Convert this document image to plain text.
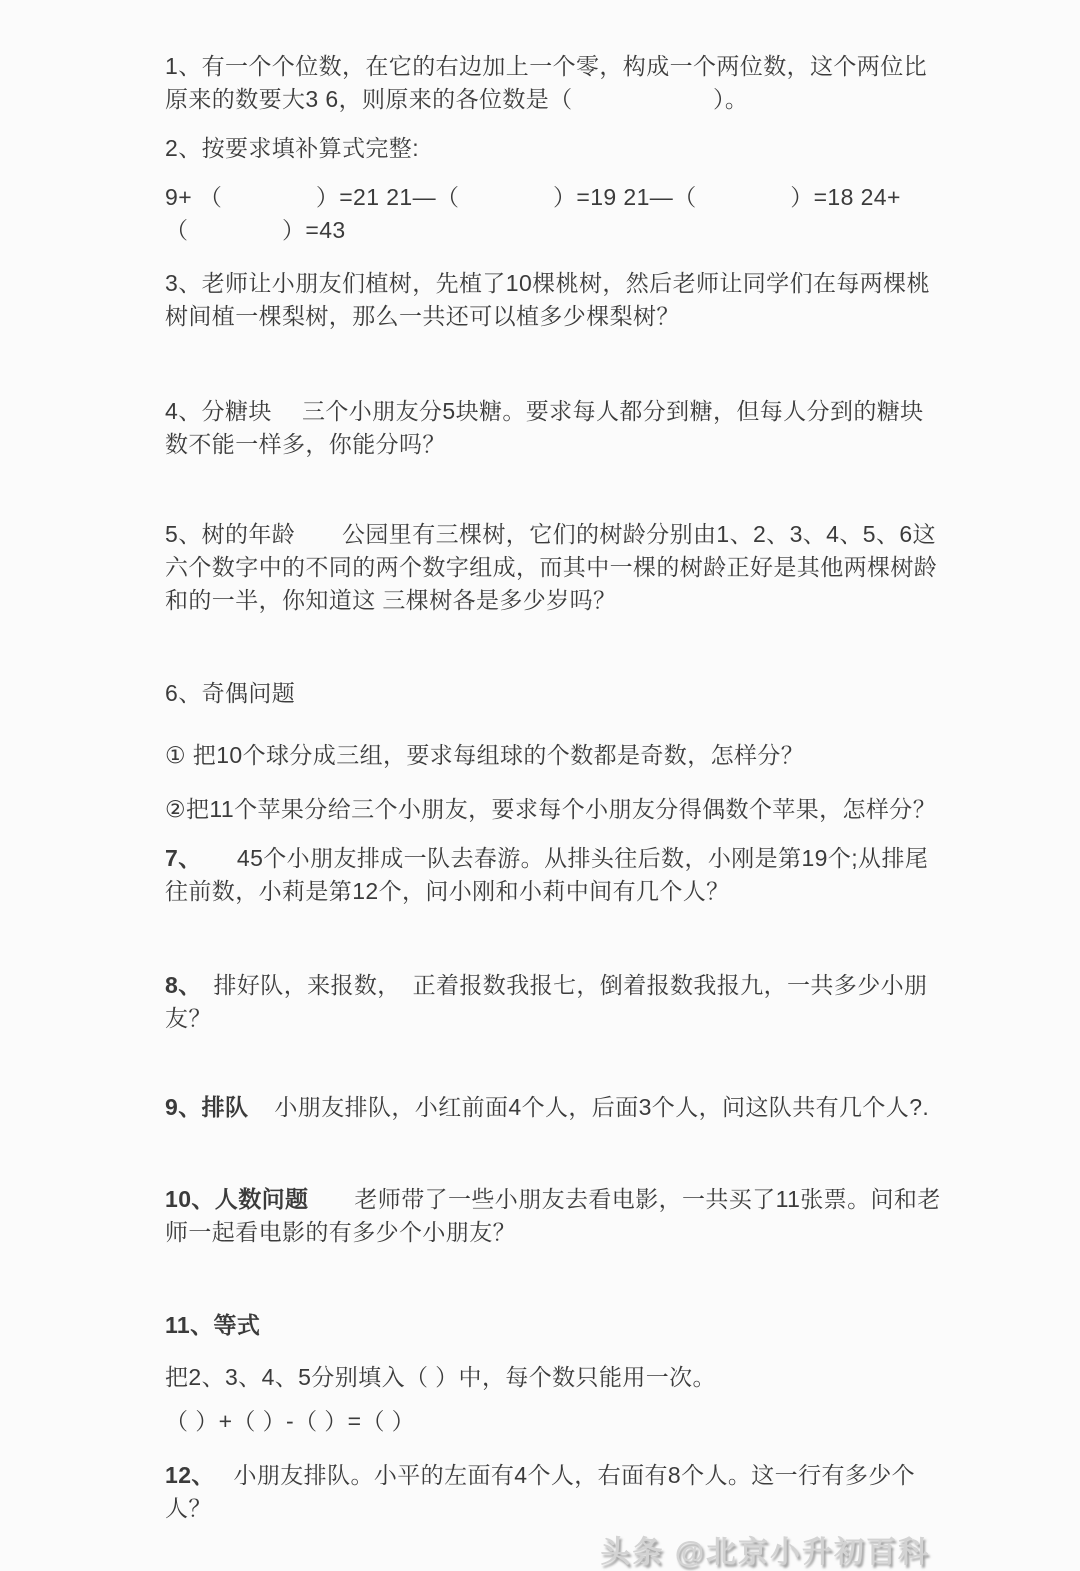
1、有一个个位数，在它的右边加上一个零，构成一个两位数，这个两位比原来的数要大3 6，则原来的各位数是（　　　　　　）。

2、按要求填补算式完整:

9+ （　　　　）=21 21—（　　　　）=19 21—（　　　　）=18 24+
（　　　　）=43

3、老师让小朋友们植树，先植了10棵桃树，然后老师让同学们在每两棵桃树间植一棵梨树，那么一共还可以植多少棵梨树？

4、分糖块　 三个小朋友分5块糖。要求每人都分到糖，但每人分到的糖块数不能一样多，你能分吗？

5、树的年龄　　公园里有三棵树，它们的树龄分别由1、2、3、4、5、6这六个数字中的不同的两个数字组成，而其中一棵的树龄正好是其他两棵树龄和的一半，你知道这 三棵树各是多少岁吗？

6、奇偶问题

① 把10个球分成三组，要求每组球的个数都是奇数，怎样分？

②把11个苹果分给三个小朋友，要求每个小朋友分得偶数个苹果，怎样分？

7、　　45个小朋友排成一队去春游。从排头往后数，小刚是第19个;从排尾往前数，小莉是第12个，问小刚和小莉中间有几个人？

8、　排好队，来报数，　正着报数我报七，倒着报数我报九，一共多少小朋友？

9、排队 小朋友排队，小红前面4个人，后面3个人，问这队共有几个人?.

10、人数问题 老师带了一些小朋友去看电影，一共买了11张票。问和老师一起看电影的有多少个小朋友？

11、等式

把2、3、4、5分别填入（ ）中，每个数只能用一次。

（ ）+（ ）-（ ）=（ ）

12、　 小朋友排队。小平的左面有4个人，右面有8个人。这一行有多少个人？

头条 @北京小升初百科
